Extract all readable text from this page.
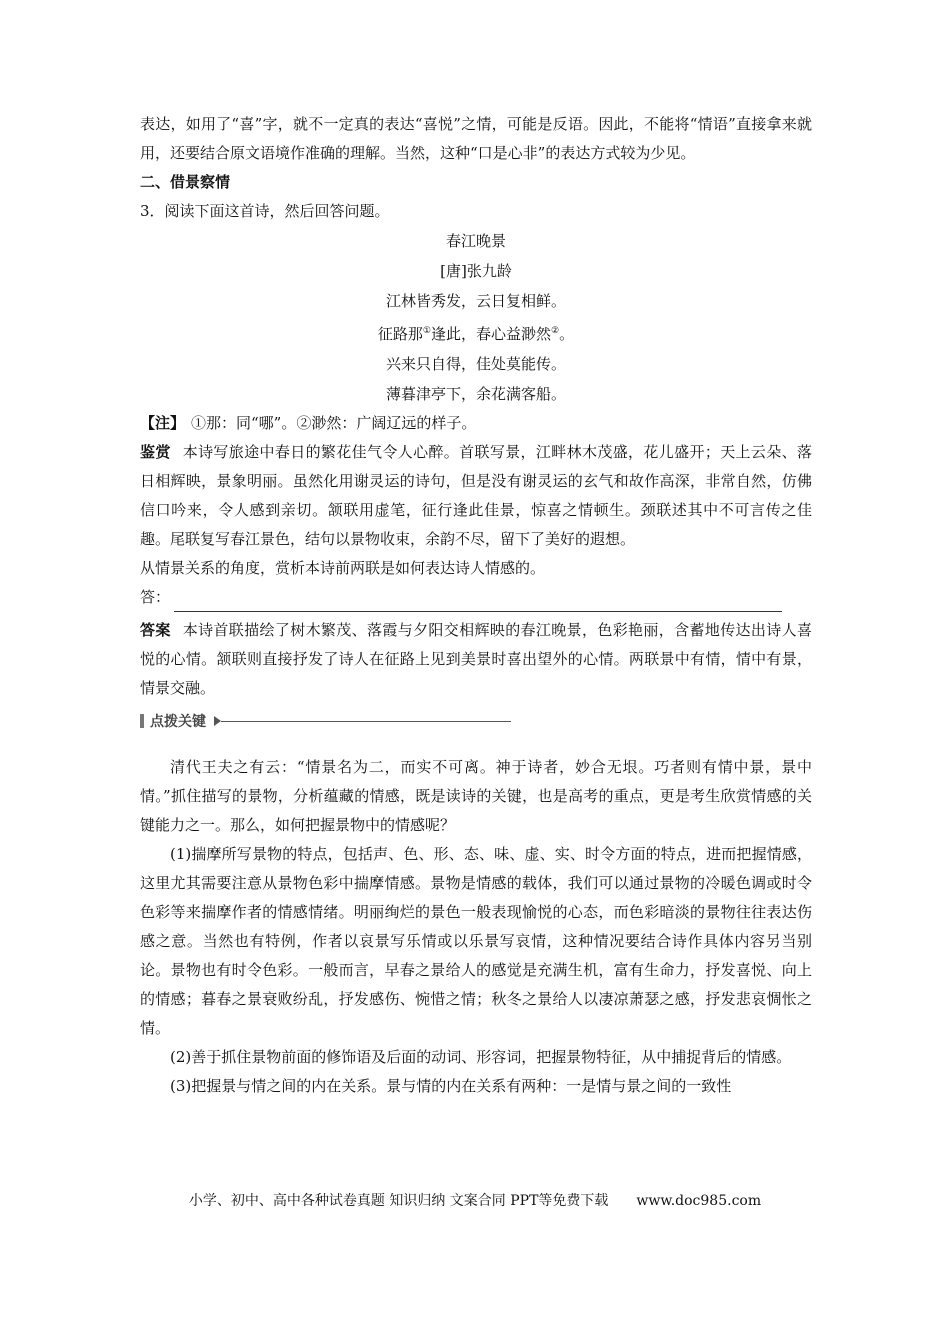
表达，如用了“喜”字，就不一定真的表达“喜悦”之情，可能是反语。因此，不能将“情语”直接拿来就用，还要结合原文语境作准确的理解。当然，这种“口是心非”的表达方式较为少见。

二、借景察情

3．阅读下面这首诗，然后回答问题。

春江晚景
[唐]张九龄
江林皆秀发，云日复相鲜。
征路那①逢此，春心益渺然②。
兴来只自得，佳处莫能传。
薄暮津亭下，余花满客船。

【注】 ①那：同“哪”。②渺然：广阔辽远的样子。

鉴赏 本诗写旅途中春日的繁花佳气令人心醉。首联写景，江畔林木茂盛，花儿盛开；天上云朵、落日相辉映，景象明丽。虽然化用谢灵运的诗句，但是没有谢灵运的玄气和故作高深，非常自然，仿佛信口吟来，令人感到亲切。颔联用虚笔，征行逢此佳景，惊喜之情顿生。颈联述其中不可言传之佳趣。尾联复写春江景色，结句以景物收束，余韵不尽，留下了美好的遐想。

从情景关系的角度，赏析本诗前两联是如何表达诗人情感的。

答：

答案 本诗首联描绘了树木繁茂、落霞与夕阳交相辉映的春江晚景，色彩艳丽，含蓄地传达出诗人喜悦的心情。颔联则直接抒发了诗人在征路上见到美景时喜出望外的心情。两联景中有情，情中有景，情景交融。

点拨关键

清代王夫之有云：“情景名为二，而实不可离。神于诗者，妙合无垠。巧者则有情中景，景中情。”抓住描写的景物，分析蕴藏的情感，既是读诗的关键，也是高考的重点，更是考生欣赏情感的关键能力之一。那么，如何把握景物中的情感呢？

(1)揣摩所写景物的特点，包括声、色、形、态、味、虚、实、时令方面的特点，进而把握情感，这里尤其需要注意从景物色彩中揣摩情感。景物是情感的载体，我们可以通过景物的冷暖色调或时令色彩等来揣摩作者的情感情绪。明丽绚烂的景色一般表现愉悦的心态，而色彩暗淡的景物往往表达伤感之意。当然也有特例，作者以哀景写乐情或以乐景写哀情，这种情况要结合诗作具体内容另当别论。景物也有时令色彩。一般而言，早春之景给人的感觉是充满生机，富有生命力，抒发喜悦、向上的情感；暮春之景衰败纷乱，抒发感伤、惋惜之情；秋冬之景给人以凄凉萧瑟之感，抒发悲哀惆怅之情。

(2)善于抓住景物前面的修饰语及后面的动词、形容词，把握景物特征，从中捕捉背后的情感。

(3)把握景与情之间的内在关系。景与情的内在关系有两种：一是情与景之间的一致性

小学、初中、高中各种试卷真题 知识归纳 文案合同 PPT等免费下载 www.doc985.com
